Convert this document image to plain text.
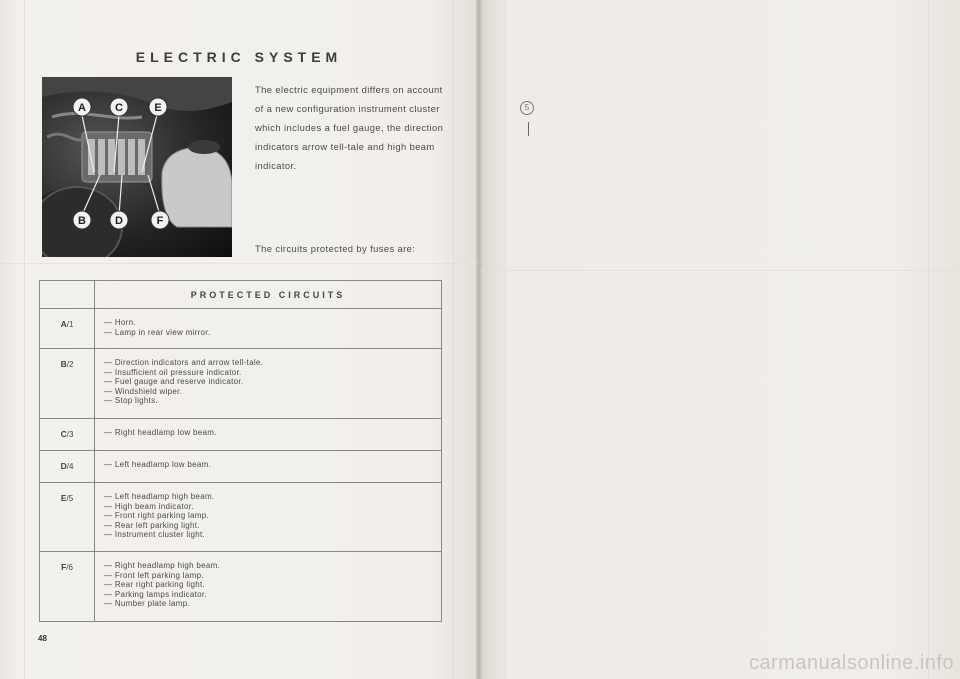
ELECTRIC SYSTEM
A	C	E
B	D	F

The electric equipment differs on account of a new configuration instrument cluster which includes a fuel gauge, the direction indicators arrow tell-tale and high beam indicator.

The circuits protected by fuses are:

	PROTECTED CIRCUITS
A/1	— Horn.
— Lamp in rear view mirror.

B/2	— Direction indicators and arrow tell-tale.
— Insufficient oil pressure indicator.
— Fuel gauge and reserve indicator.
— Windshield wiper.
— Stop lights.

C/3	— Right headlamp low beam.

D/4	— Left headlamp low beam.

E/5	— Left headlamp high beam.
— High beam indicator.
— Front right parking lamp.
— Rear left parking light.
— Instrument cluster light.

F/6	— Right headlamp high beam.
— Front left parking lamp.
— Rear right parking light.
— Parking lamps indicator.
— Number plate lamp.
48
5
carmanualsonline.info
